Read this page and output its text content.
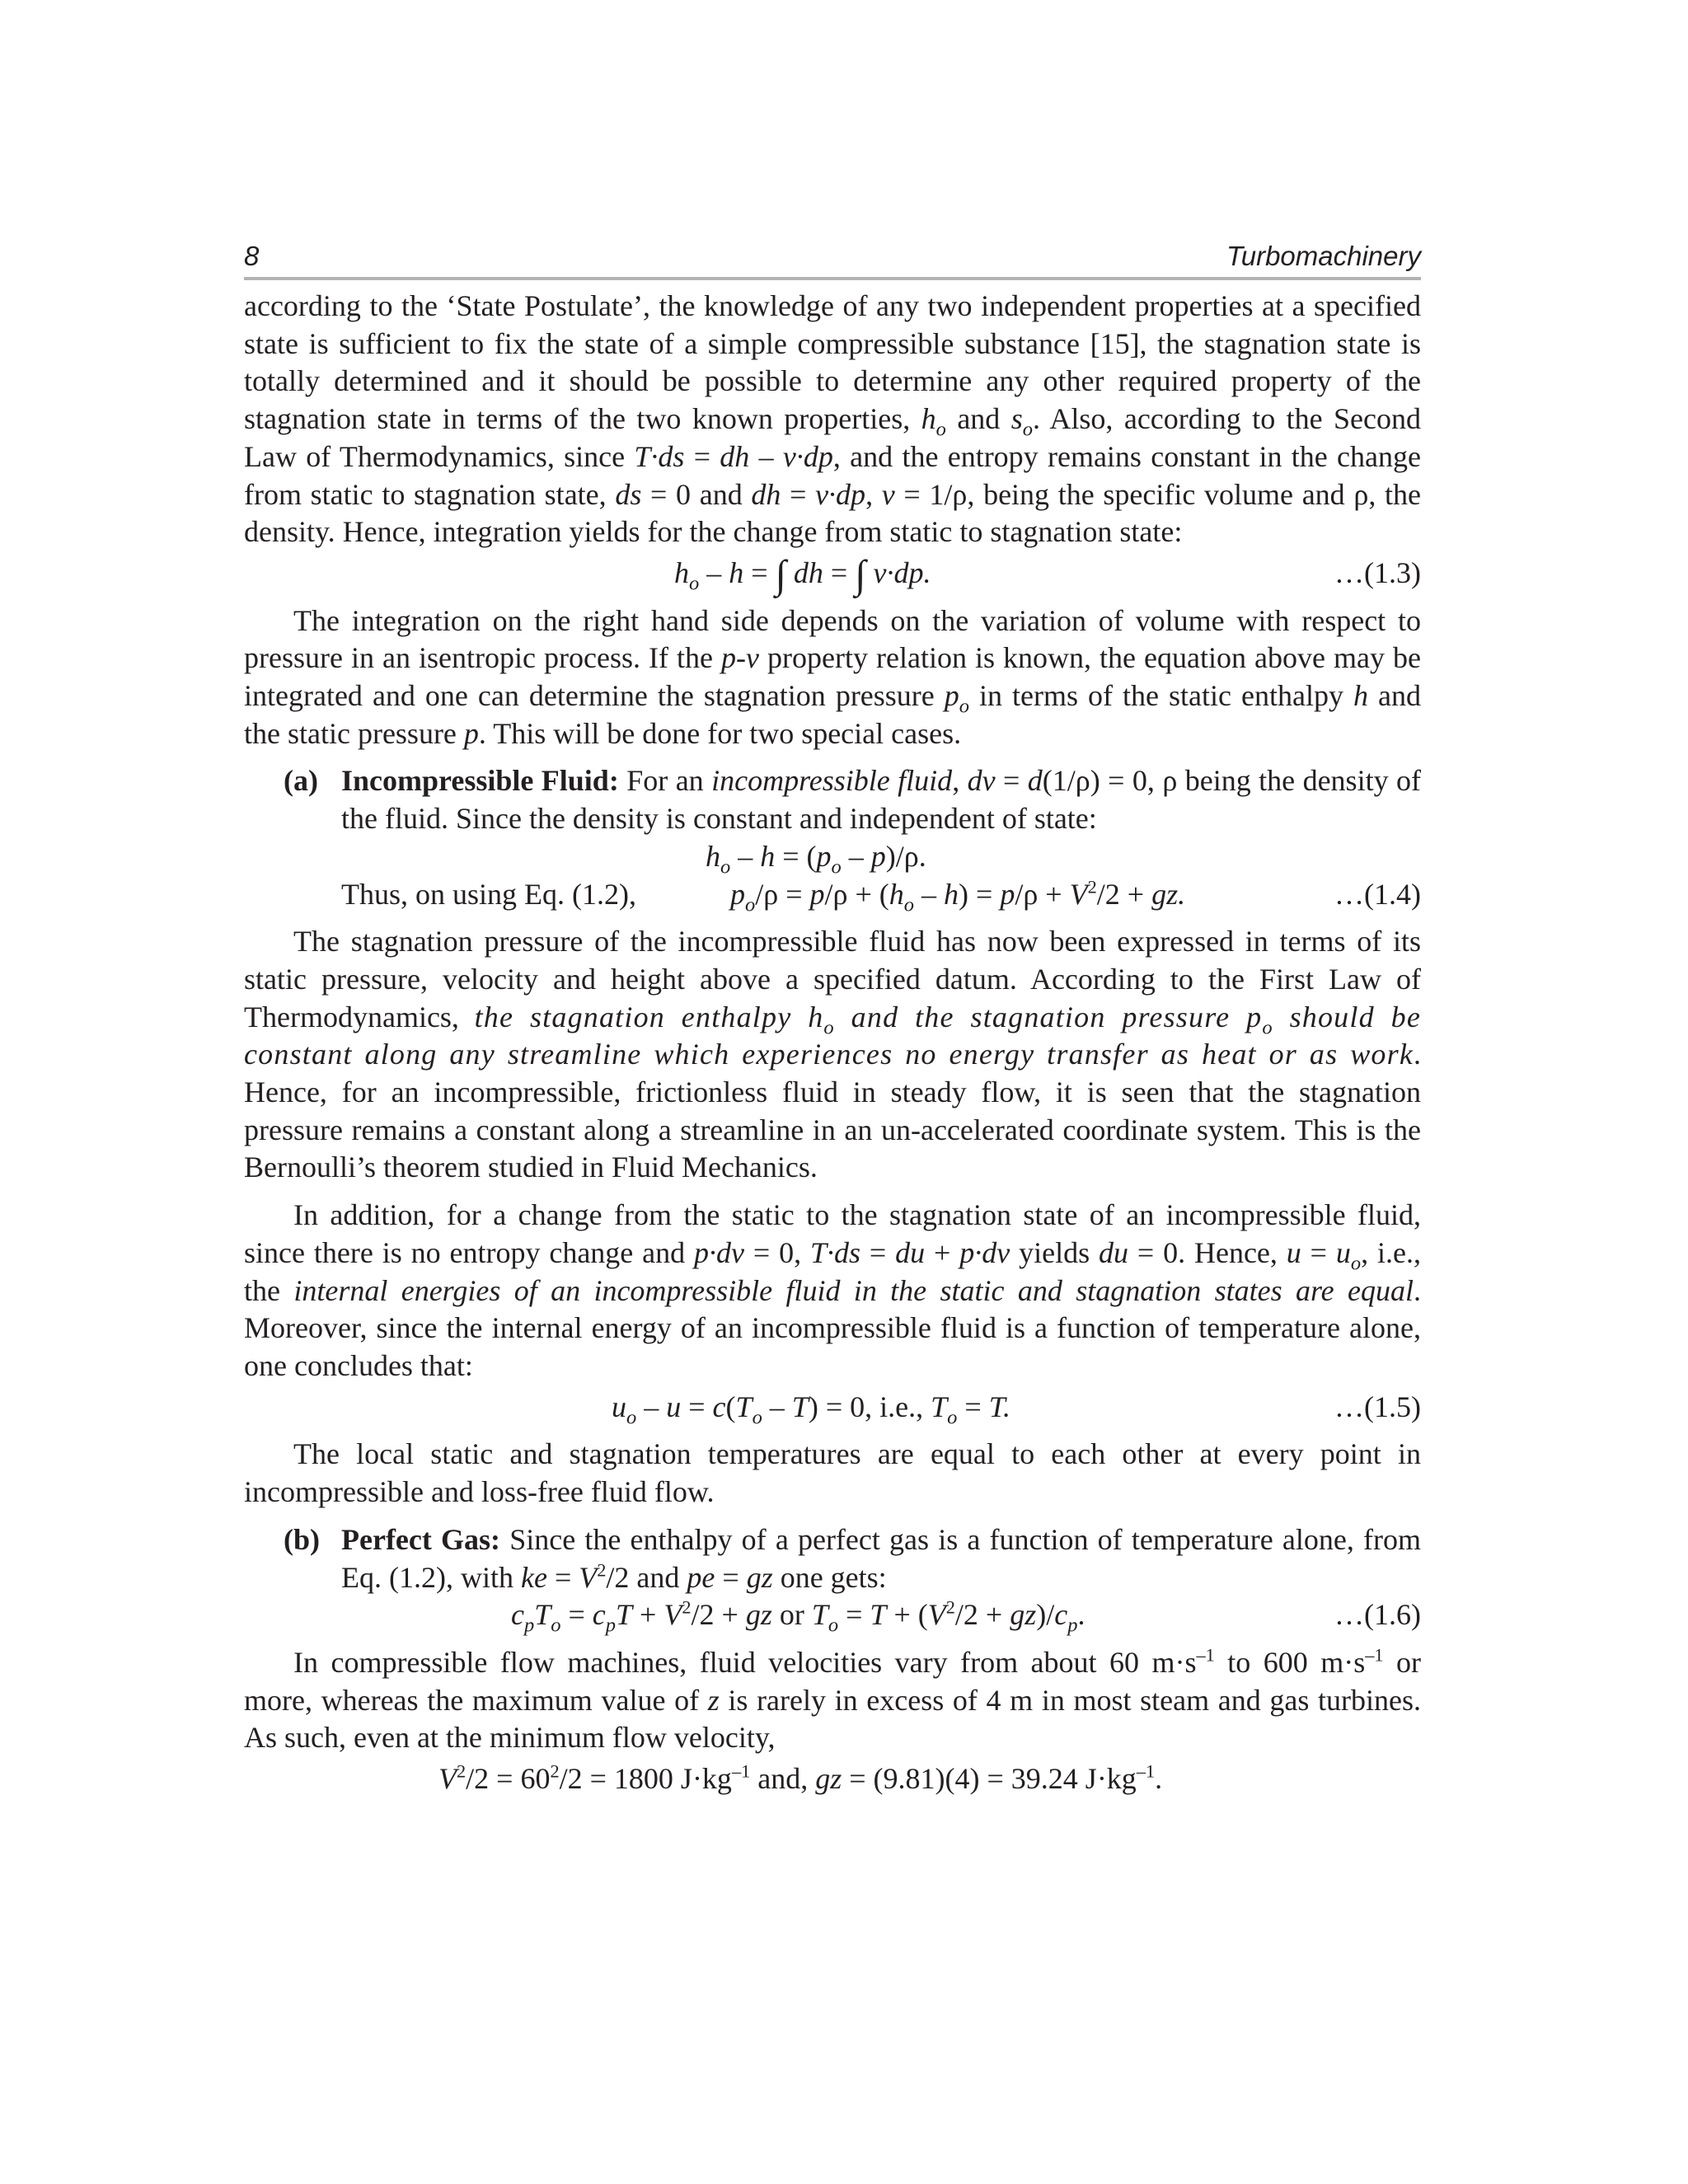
8	Turbomachinery

according to the ‘State Postulate’, the knowledge of any two independent properties at a specified state is sufficient to fix the state of a simple compressible substance [15], the stagnation state is totally determined and it should be possible to determine any other required property of the stagnation state in terms of the two known properties, $h_o$ and $s_o$. Also, according to the Second Law of Thermodynamics, since T·ds = dh – v·dp, and the entropy remains constant in the change from static to stagnation state, ds = 0 and dh = v·dp, v = 1/ρ, being the specific volume and ρ, the density. Hence, integration yields for the change from static to stagnation state:

$h_o$ – h = ∫ dh = ∫ v·dp.	…(1.3)

The integration on the right hand side depends on the variation of volume with respect to pressure in an isentropic process. If the p-v property relation is known, the equation above may be integrated and one can determine the stagnation pressure $p_o$ in terms of the static enthalpy h and the static pressure p. This will be done for two special cases.

(a) Incompressible Fluid: For an incompressible fluid, dv = d(1/ρ) = 0, ρ being the density of the fluid. Since the density is constant and independent of state:

$h_o - h = (p_o - p)/\rho$.
Thus, on using Eq. (1.2),	$p_o/\rho = p/\rho + (h_o - h) = p/\rho + V^2/2$ + gz.	…(1.4)

The stagnation pressure of the incompressible fluid has now been expressed in terms of its static pressure, velocity and height above a specified datum. According to the First Law of Thermodynamics, the stagnation enthalpy $h_o$ and the stagnation pressure $p_o$ should be constant along any streamline which experiences no energy transfer as heat or as work. Hence, for an incompressible, frictionless fluid in steady flow, it is seen that the stagnation pressure remains a constant along a streamline in an un-accelerated coordinate system. This is the Bernoulli’s theorem studied in Fluid Mechanics.

In addition, for a change from the static to the stagnation state of an incompressible fluid, since there is no entropy change and p·dv = 0, T·ds = du + p·dv yields du = 0. Hence, $u = u_o$, i.e., the internal energies of an incompressible fluid in the static and stagnation states are equal. Moreover, since the internal energy of an incompressible fluid is a function of temperature alone, one concludes that:

$u_o - u = c(T_o - T) = 0$, i.e., $T_o = T$.	…(1.5)

The local static and stagnation temperatures are equal to each other at every point in incompressible and loss-free fluid flow.

(b) Perfect Gas: Since the enthalpy of a perfect gas is a function of temperature alone, from Eq. (1.2), with ke = $V^2/2$ and pe = gz one gets:

$c_pT_o = c_pT + V^2/2$ + gz or $T_o = T + (V^2/2 + gz)/c_p$.	…(1.6)

In compressible flow machines, fluid velocities vary from about 60 $m\cdot s^{-1}$ to 600 $m\cdot s^{-1}$ or more, whereas the maximum value of z is rarely in excess of 4 m in most steam and gas turbines. As such, even at the minimum flow velocity,

$V^2/2 = 60^2/2 = 1800$ $J\cdot kg^{-1}$ and, gz = (9.81)(4) = 39.24 $J\cdot kg^{-1}$.
